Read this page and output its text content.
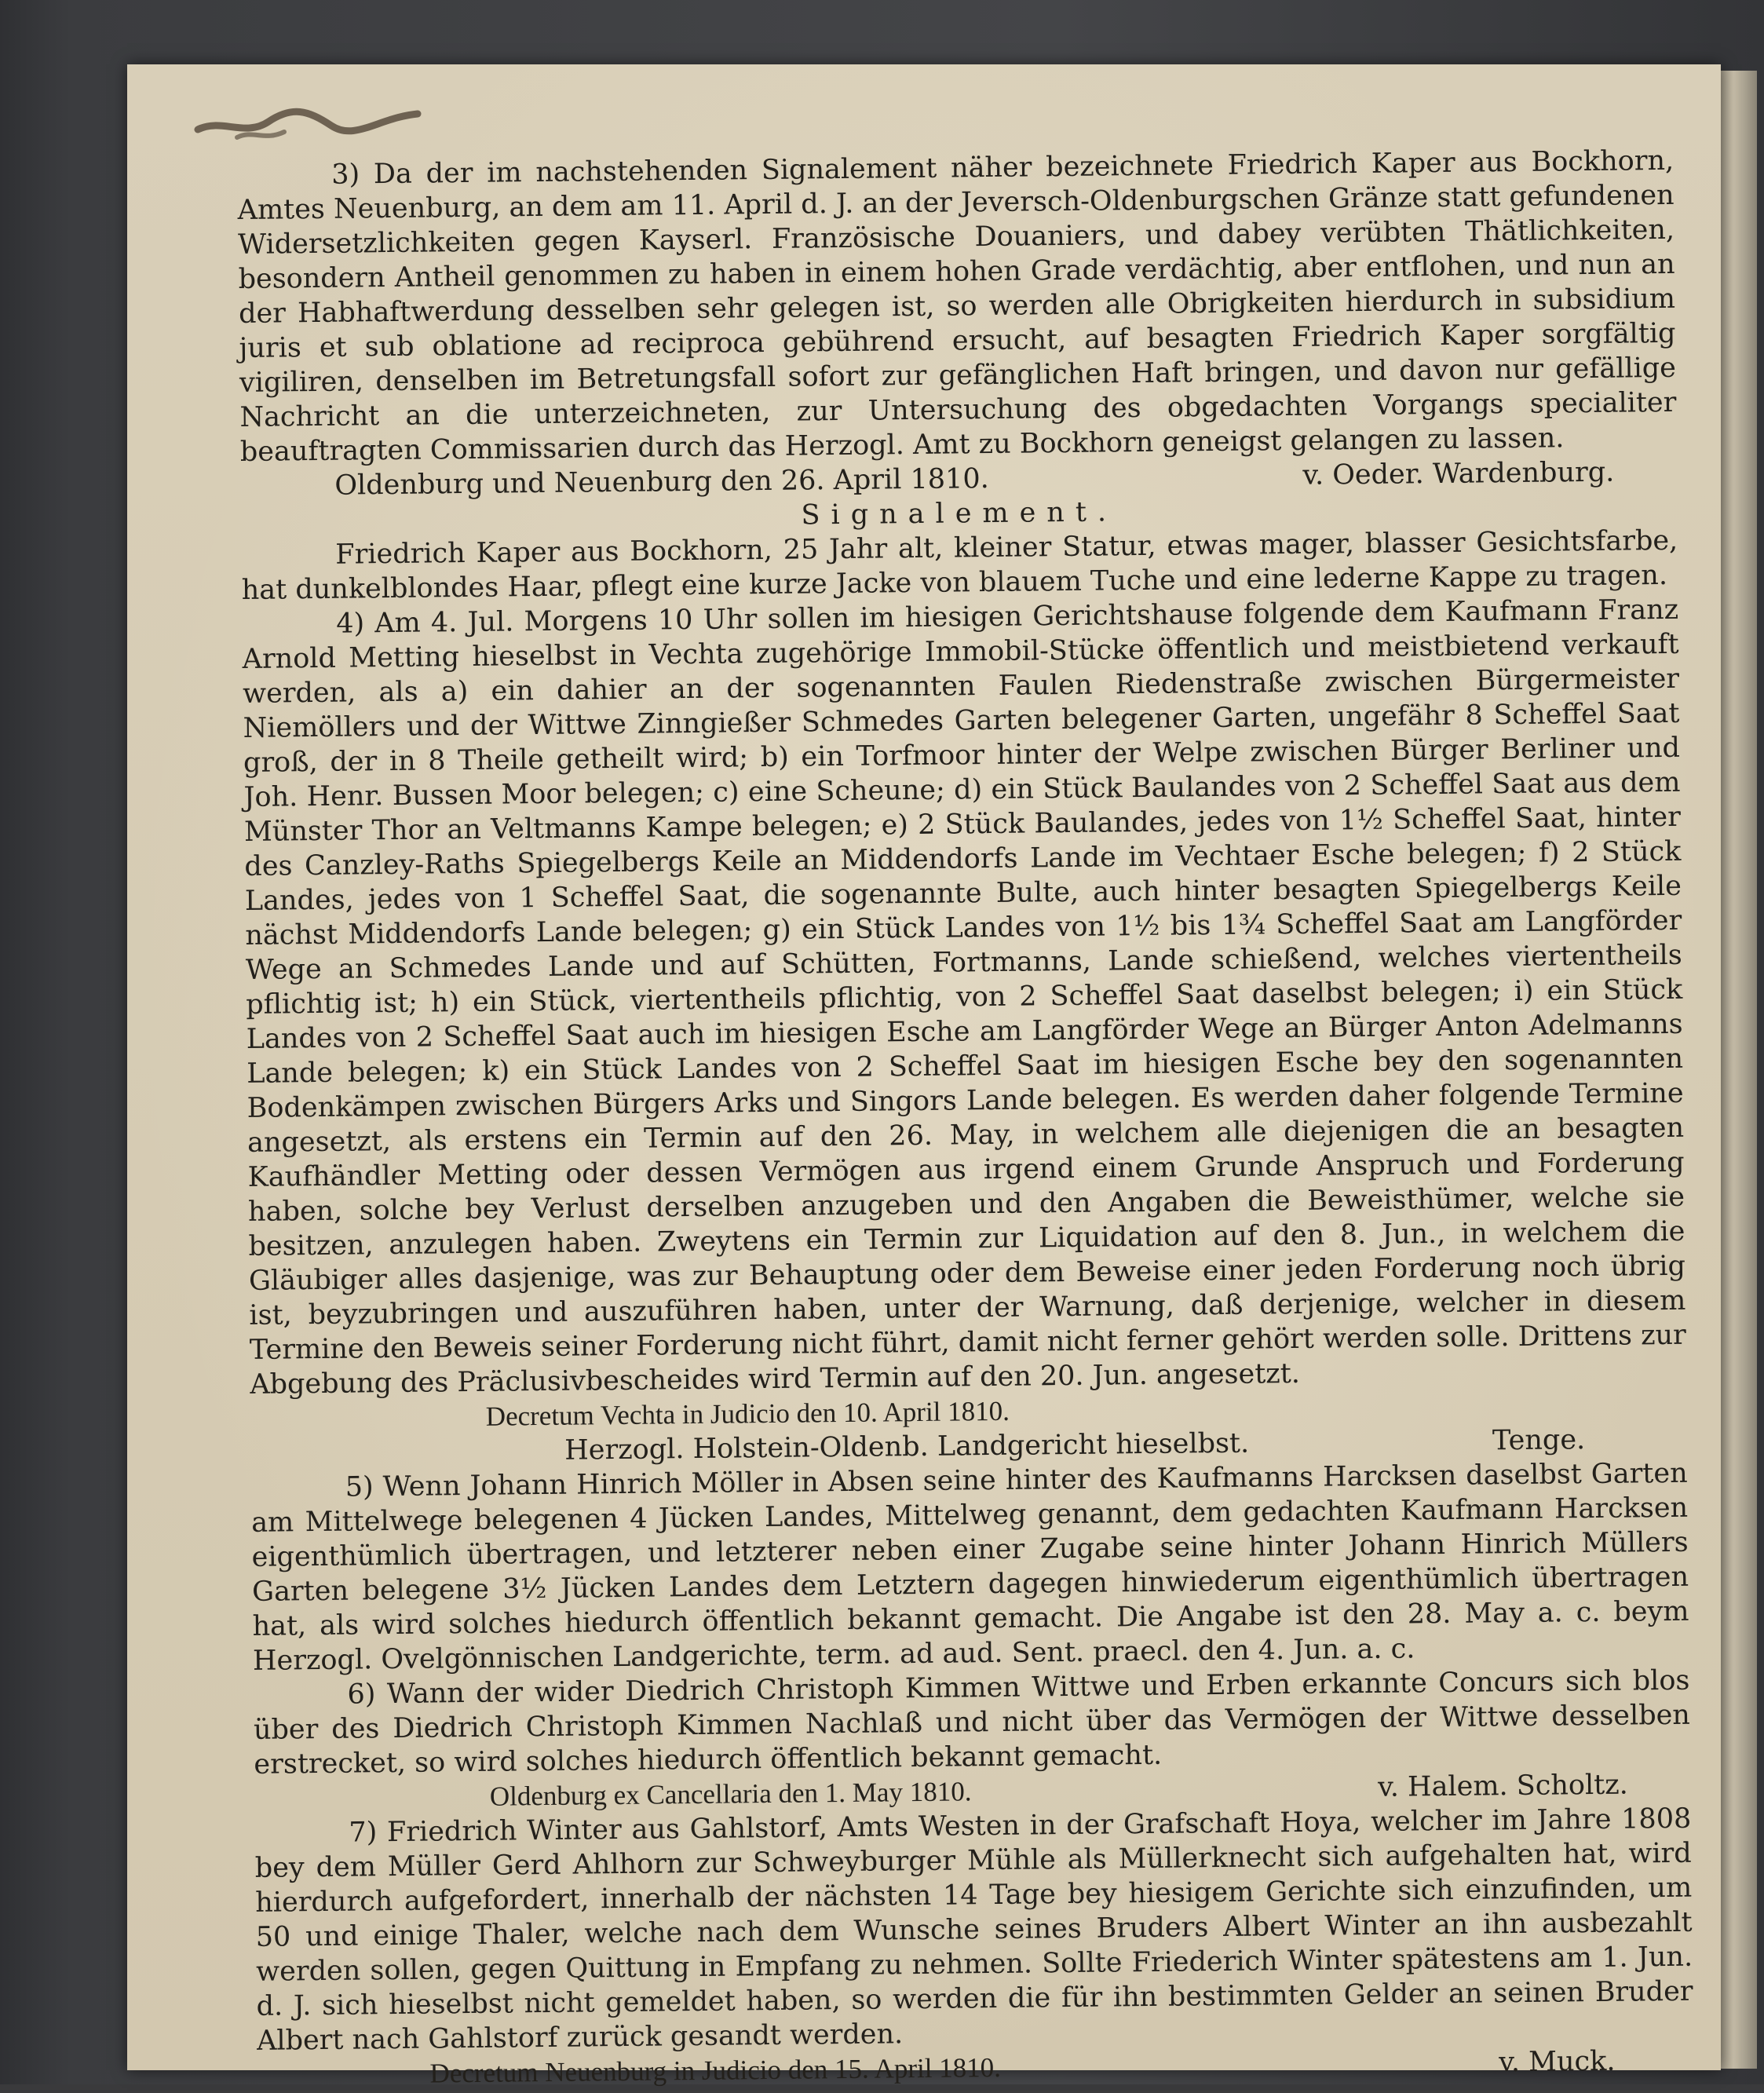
3) Da der im nachstehenden Signalement näher bezeichnete Friedrich Kaper aus Bockhorn, Amtes Neuenburg, an dem am 11. April d. J. an der Jeversch-Oldenburgschen Gränze statt gefundenen Widersetzlichkeiten gegen Kayserl. Französische Douaniers, und dabey verübten Thätlichkeiten, besondern Antheil genommen zu haben in einem hohen Grade verdächtig, aber entflohen, und nun an der Habhaftwerdung desselben sehr gelegen ist, so werden alle Obrigkeiten hierdurch in subsidium juris et sub oblatione ad reciproca gebührend ersucht, auf besagten Friedrich Kaper sorgfältig vigiliren, denselben im Betretungsfall sofort zur gefänglichen Haft bringen, und davon nur gefällige Nachricht an die unterzeichneten, zur Untersuchung des obgedachten Vorgangs specialiter beauftragten Commissarien durch das Herzogl. Amt zu Bockhorn geneigst gelangen zu lassen.

Oldenburg und Neuenburg den 26. April 1810.	v. Oeder. Wardenburg.

Signalement.

Friedrich Kaper aus Bockhorn, 25 Jahr alt, kleiner Statur, etwas mager, blasser Gesichtsfarbe, hat dunkelblondes Haar, pflegt eine kurze Jacke von blauem Tuche und eine lederne Kappe zu tragen.

4) Am 4. Jul. Morgens 10 Uhr sollen im hiesigen Gerichtshause folgende dem Kaufmann Franz Arnold Metting hieselbst in Vechta zugehörige Immobil-Stücke öffentlich und meistbietend verkauft werden, als a) ein dahier an der sogenannten Faulen Riedenstraße zwischen Bürgermeister Niemöllers und der Wittwe Zinngießer Schmedes Garten belegener Garten, ungefähr 8 Scheffel Saat groß, der in 8 Theile getheilt wird; b) ein Torfmoor hinter der Welpe zwischen Bürger Berliner und Joh. Henr. Bussen Moor belegen; c) eine Scheune; d) ein Stück Baulandes von 2 Scheffel Saat aus dem Münster Thor an Veltmanns Kampe belegen; e) 2 Stück Baulandes, jedes von 1½ Scheffel Saat, hinter des Canzley-Raths Spiegelbergs Keile an Middendorfs Lande im Vechtaer Esche belegen; f) 2 Stück Landes, jedes von 1 Scheffel Saat, die sogenannte Bulte, auch hinter besagten Spiegelbergs Keile nächst Middendorfs Lande belegen; g) ein Stück Landes von 1½ bis 1¾ Scheffel Saat am Langförder Wege an Schmedes Lande und auf Schütten, Fortmanns, Lande schießend, welches viertentheils pflichtig ist; h) ein Stück, viertentheils pflichtig, von 2 Scheffel Saat daselbst belegen; i) ein Stück Landes von 2 Scheffel Saat auch im hiesigen Esche am Langförder Wege an Bürger Anton Adelmanns Lande belegen; k) ein Stück Landes von 2 Scheffel Saat im hiesigen Esche bey den sogenannten Bodenkämpen zwischen Bürgers Arks und Singors Lande belegen. Es werden daher folgende Termine angesetzt, als erstens ein Termin auf den 26. May, in welchem alle diejenigen die an besagten Kaufhändler Metting oder dessen Vermögen aus irgend einem Grunde Anspruch und Forderung haben, solche bey Verlust derselben anzugeben und den Angaben die Beweisthümer, welche sie besitzen, anzulegen haben. Zweytens ein Termin zur Liquidation auf den 8. Jun., in welchem die Gläubiger alles dasjenige, was zur Behauptung oder dem Beweise einer jeden Forderung noch übrig ist, beyzubringen und auszuführen haben, unter der Warnung, daß derjenige, welcher in diesem Termine den Beweis seiner Forderung nicht führt, damit nicht ferner gehört werden solle. Drittens zur Abgebung des Präclusivbescheides wird Termin auf den 20. Jun. angesetzt.

Decretum Vechta in Judicio den 10. April 1810.

Herzogl. Holstein-Oldenb. Landgericht hieselbst.	Tenge.

5) Wenn Johann Hinrich Möller in Absen seine hinter des Kaufmanns Harcksen daselbst Garten am Mittelwege belegenen 4 Jücken Landes, Mittelweg genannt, dem gedachten Kaufmann Harcksen eigenthümlich übertragen, und letzterer neben einer Zugabe seine hinter Johann Hinrich Müllers Garten belegene 3½ Jücken Landes dem Letztern dagegen hinwiederum eigenthümlich übertragen hat, als wird solches hiedurch öffentlich bekannt gemacht. Die Angabe ist den 28. May a. c. beym Herzogl. Ovelgönnischen Landgerichte, term. ad aud. Sent. praecl. den 4. Jun. a. c.

6) Wann der wider Diedrich Christoph Kimmen Wittwe und Erben erkannte Concurs sich blos über des Diedrich Christoph Kimmen Nachlaß und nicht über das Vermögen der Wittwe desselben erstrecket, so wird solches hiedurch öffentlich bekannt gemacht.

Oldenburg ex Cancellaria den 1. May 1810.	v. Halem. Scholtz.

7) Friedrich Winter aus Gahlstorf, Amts Westen in der Grafschaft Hoya, welcher im Jahre 1808 bey dem Müller Gerd Ahlhorn zur Schweyburger Mühle als Müllerknecht sich aufgehalten hat, wird hierdurch aufgefordert, innerhalb der nächsten 14 Tage bey hiesigem Gerichte sich einzufinden, um 50 und einige Thaler, welche nach dem Wunsche seines Bruders Albert Winter an ihn ausbezahlt werden sollen, gegen Quittung in Empfang zu nehmen. Sollte Friederich Winter spätestens am 1. Jun. d. J. sich hieselbst nicht gemeldet haben, so werden die für ihn bestimmten Gelder an seinen Bruder Albert nach Gahlstorf zurück gesandt werden.

Decretum Neuenburg in Judicio den 15. April 1810.	v. Muck.
